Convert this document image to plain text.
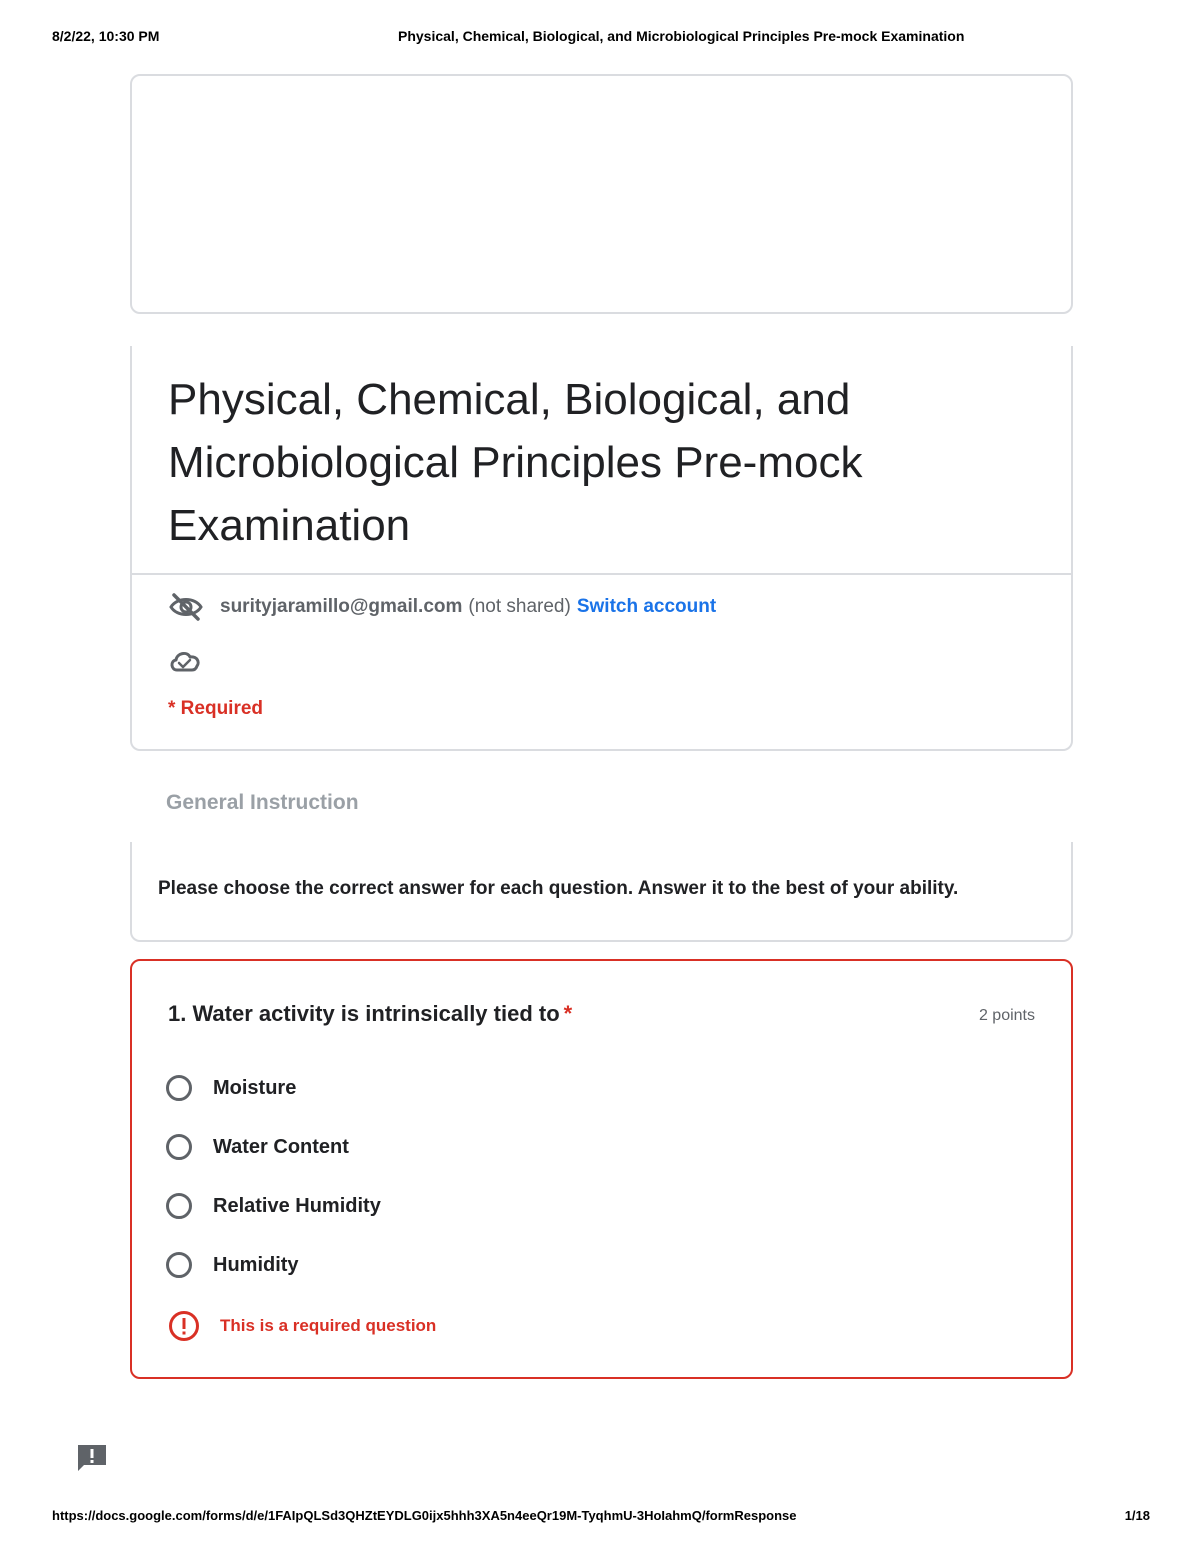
8/2/22, 10:30 PM	Physical, Chemical, Biological, and Microbiological Principles Pre-mock Examination
Physical, Chemical, Biological, and Microbiological Principles Pre-mock Examination
surityjaramillo@gmail.com (not shared) Switch account
* Required
General Instruction
Please choose the correct answer for each question. Answer it to the best of your ability.
1. Water activity is intrinsically tied to *	2 points
Moisture
Water Content
Relative Humidity
Humidity
This is a required question
https://docs.google.com/forms/d/e/1FAIpQLSd3QHZtEYDLG0ijx5hhh3XA5n4eeQr19M-TyqhmU-3HoIahmQ/formResponse	1/18
